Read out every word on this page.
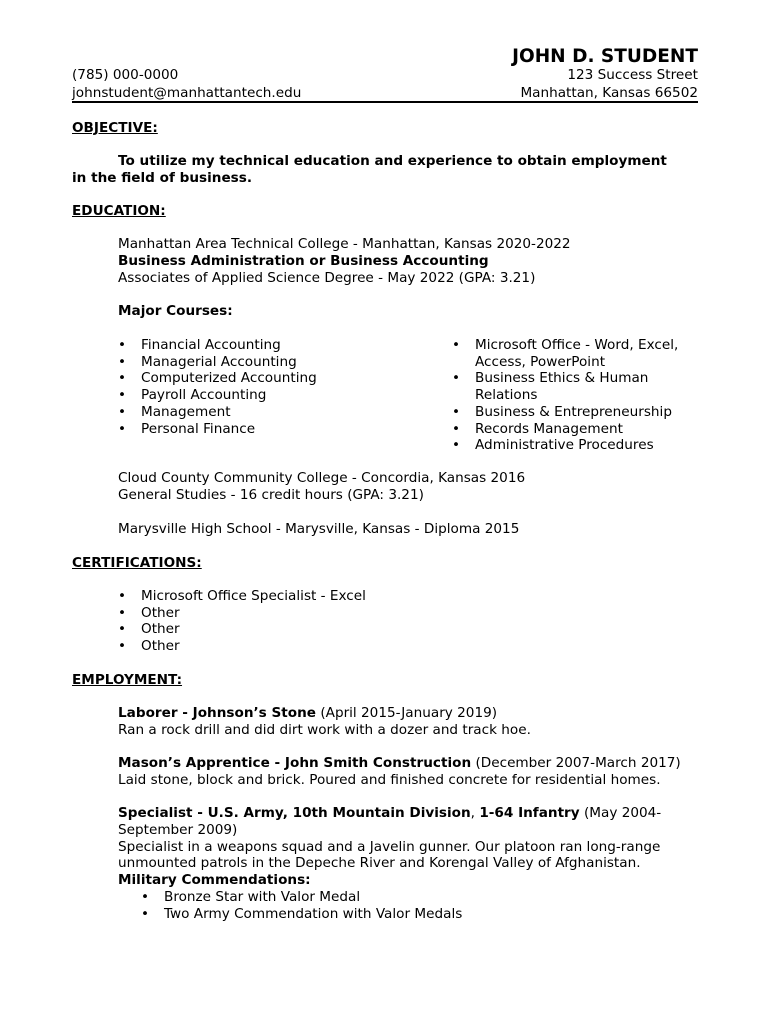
JOHN D. STUDENT
(785) 000-0000
johnstudent@manhattantech.edu
123 Success Street
Manhattan, Kansas 66502
OBJECTIVE:
To utilize my technical education and experience to obtain employment
in the field of business.
EDUCATION:
Manhattan Area Technical College - Manhattan, Kansas 2020-2022
Business Administration or Business Accounting
Associates of Applied Science Degree - May 2022 (GPA: 3.21)
Major Courses:
• Financial Accounting
• Managerial Accounting
• Computerized Accounting
• Payroll Accounting
• Management
• Personal Finance
• Microsoft Office - Word, Excel,
Access, PowerPoint
• Business Ethics & Human
Relations
• Business & Entrepreneurship
• Records Management
• Administrative Procedures
Cloud County Community College - Concordia, Kansas 2016
General Studies - 16 credit hours (GPA: 3.21)
Marysville High School - Marysville, Kansas - Diploma 2015
CERTIFICATIONS:
• Microsoft Office Specialist - Excel
• Other
• Other
• Other
EMPLOYMENT:
Laborer - Johnson’s Stone (April 2015-January 2019)
Ran a rock drill and did dirt work with a dozer and track hoe.
Mason’s Apprentice - John Smith Construction (December 2007-March 2017)
Laid stone, block and brick. Poured and finished concrete for residential homes.
Specialist - U.S. Army, 10th Mountain Division, 1-64 Infantry (May 2004-
September 2009)
Specialist in a weapons squad and a Javelin gunner. Our platoon ran long-range
unmounted patrols in the Depeche River and Korengal Valley of Afghanistan.
Military Commendations:
• Bronze Star with Valor Medal
• Two Army Commendation with Valor Medals
